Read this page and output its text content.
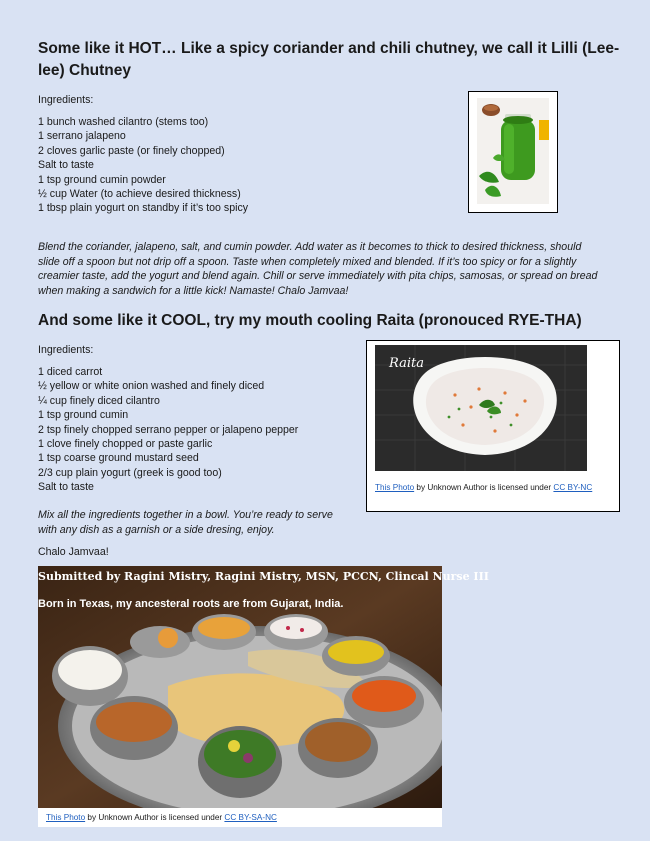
Some like it HOT… Like a spicy coriander and chili chutney, we call it Lilli (Lee-lee) Chutney

Ingredients:

1 bunch washed cilantro (stems too)
1 serrano jalapeno
2 cloves garlic paste (or finely chopped)
Salt to taste
1 tsp ground cumin powder
½ cup Water (to achieve desired thickness)
1 tbsp plain yogurt on standby if it’s too spicy

Blend the coriander, jalapeno, salt, and cumin powder. Add water as it becomes to thick to desired thickness, should

slide off a spoon but not drip off a spoon. Taste when completely mixed and blended. If it’s too spicy or for a slightly

creamier taste, add the yogurt and blend again. Chill or serve immediately with pita chips, samosas, or spread on bread

when making a sandwich for a little kick! Namaste! Chalo Jamvaa!

And some like it COOL, try my mouth cooling Raita (pronouced RYE-THA)

Ingredients:

1 diced carrot
½ yellow or white onion washed and finely diced
¼ cup finely diced cilantro
1 tsp ground cumin
2 tsp finely chopped serrano pepper or jalapeno pepper
1 clove finely chopped or paste garlic
1 tsp coarse ground mustard seed
2/3 cup plain yogurt (greek is good too)
Salt to taste
Raita
This Photo by Unknown Author is licensed under CC BY-NC

Mix all the ingredients together in a bowl. You’re ready to serve

with any dish as a garnish or a side dresing, enjoy.

Chalo Jamvaa!

Submitted by Ragini Mistry, Ragini Mistry, MSN, PCCN, Clincal Nurse III
Born in Texas, my ancesteral roots are from Gujarat, India.
This Photo by Unknown Author is licensed under CC BY-SA-NC
